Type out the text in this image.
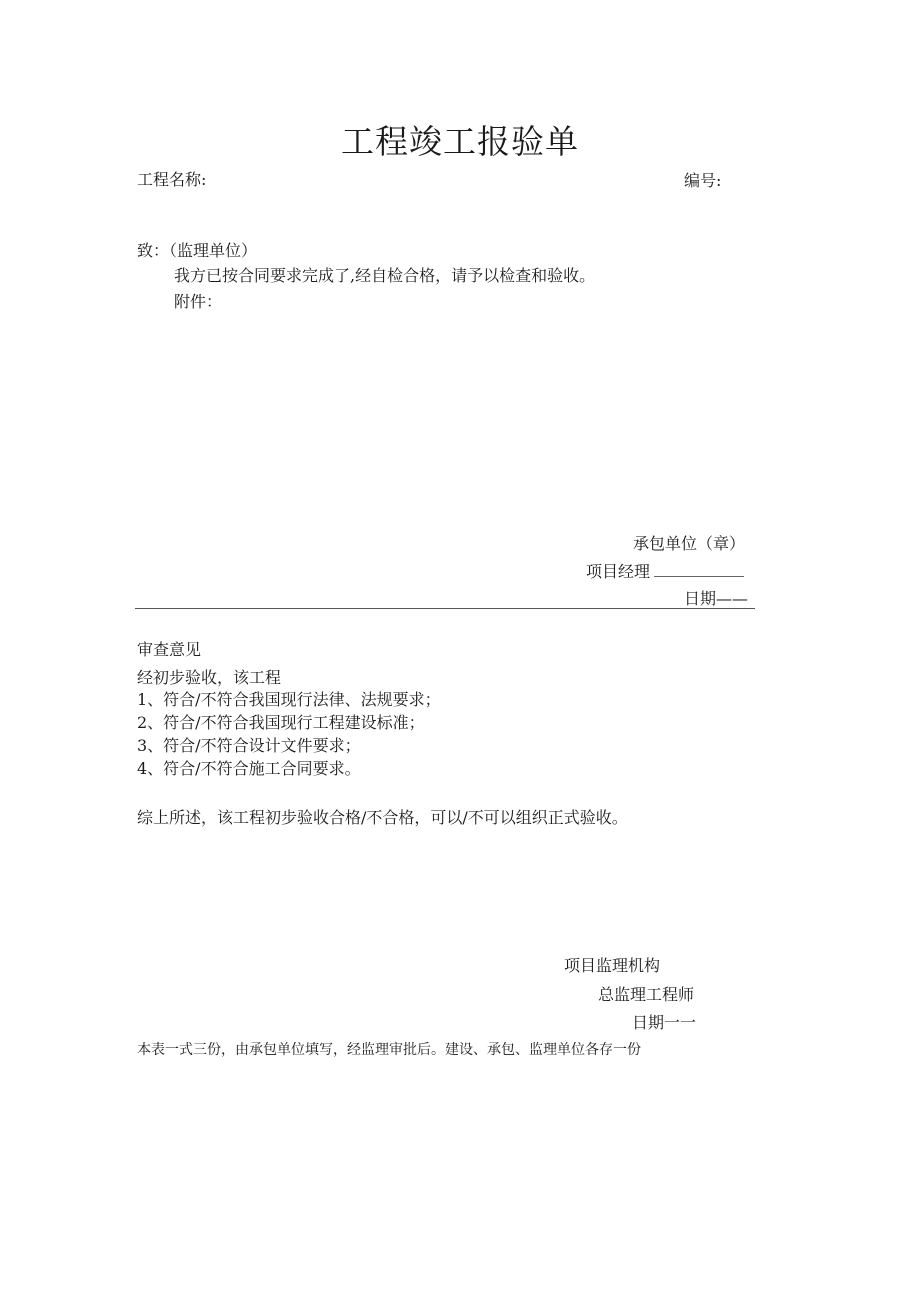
工程竣工报验单
工程名称:	编号:
致：（监理单位）
我方已按合同要求完成了,经自检合格，请予以检查和验收。
附件：
承包单位（章）
项目经理
日期——
审查意见
经初步验收，该工程
1、符合/不符合我国现行法律、法规要求；
2、符合/不符合我国现行工程建设标准；
3、符合/不符合设计文件要求；
4、符合/不符合施工合同要求。
综上所述，该工程初步验收合格/不合格，可以/不可以组织正式验收。
项目监理机构
总监理工程师
日期一一
本表一式三份，由承包单位填写，经监理审批后。建设、承包、监理单位各存一份
